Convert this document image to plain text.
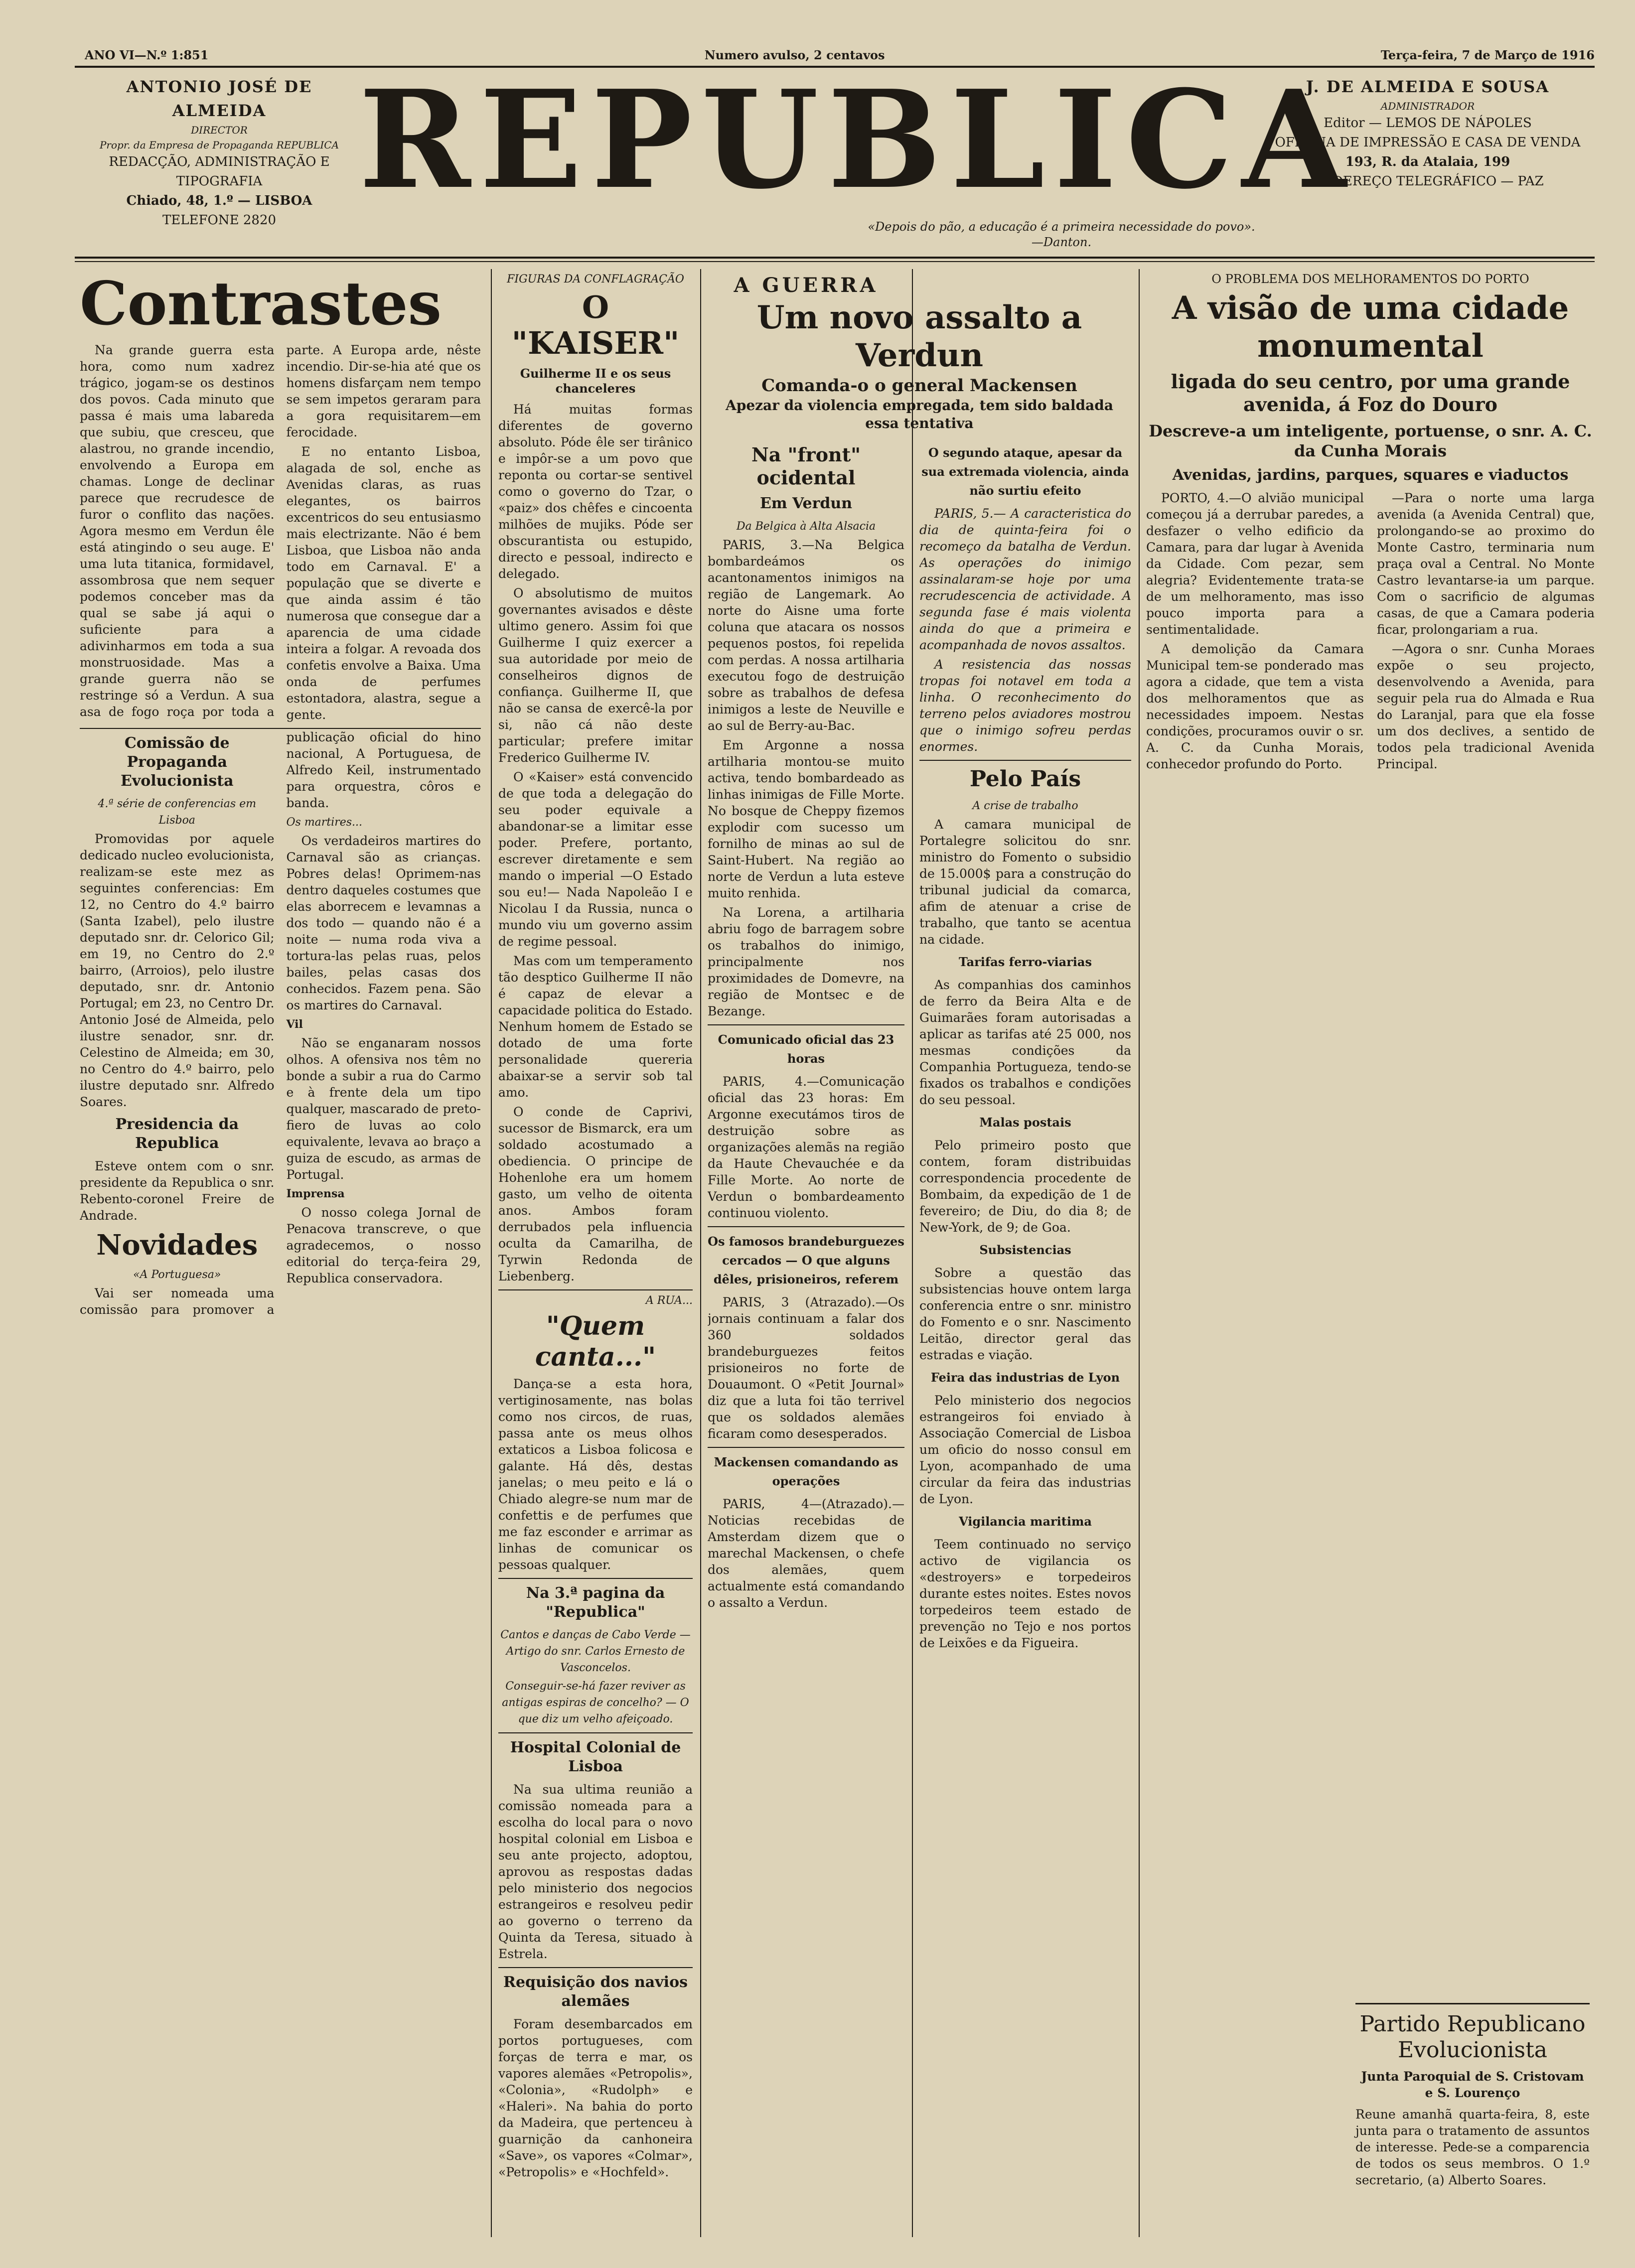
ANO VI—N.º 1:851	Numero avulso, 2 centavos	Terça-feira, 7 de Março de 1916
ANTONIO JOSÉ DE ALMEIDA
DIRECTOR
Propr. da Empresa de Propaganda REPUBLICA
REDACÇÃO, ADMINISTRAÇÃO E TIPOGRAFIA
Chiado, 48, 1.º — LISBOA
TELEFONE 2820
REPUBLICA
J. DE ALMEIDA E SOUSA
ADMINISTRADOR
Editor — LEMOS DE NÁPOLES
OFICINA DE IMPRESSÃO E CASA DE VENDA
193, R. da Atalaia, 199
ENDEREÇO TELEGRÁFICO — PAZ
«Depois do pão, a educação é a primeira necessidade do povo».—Danton.

Contrastes

Na grande guerra esta hora, como num xadrez trágico, jogam-se os destinos dos povos. Cada minuto que passa é mais uma labareda que subiu, que cresceu, que alastrou, no grande incendio, envolvendo a Europa em chamas. Longe de declinar parece que recrudesce de furor o conflito das nações. Agora mesmo em Verdun êle está atingindo o seu auge. E' uma luta titanica, formidavel, assombrosa que nem sequer podemos conceber mas da qual se sabe já aqui o suficiente para a adivinharmos em toda a sua monstruosidade. Mas a grande guerra não se restringe só a Verdun. A sua asa de fogo roça por toda a parte. A Europa arde, nêste incendio. Dir-se-hia até que os homens disfarçam nem tempo se sem impetos geraram para a gora requisitarem—em ferocidade.

E no entanto Lisboa, alagada de sol, enche as Avenidas claras, as ruas elegantes, os bairros excentricos do seu entusiasmo mais electrizante. Não é bem Lisboa, que Lisboa não anda todo em Carnaval. E' a população que se diverte e que ainda assim é tão numerosa que consegue dar a aparencia de uma cidade inteira a folgar. A revoada dos confetis envolve a Baixa. Uma onda de perfumes estontadora, alastra, segue a gente.

Comissão de Propaganda Evolucionista

4.ª série de conferencias em Lisboa

Promovidas por aquele dedicado nucleo evolucionista, realizam-se este mez as seguintes conferencias: Em 12, no Centro do 4.º bairro (Santa Izabel), pelo ilustre deputado snr. dr. Celorico Gil; em 19, no Centro do 2.º bairro, (Arroios), pelo ilustre deputado, snr. dr. Antonio Portugal; em 23, no Centro Dr. Antonio José de Almeida, pelo ilustre senador, snr. dr. Celestino de Almeida; em 30, no Centro do 4.º bairro, pelo ilustre deputado snr. Alfredo Soares.

Presidencia da Republica

Esteve ontem com o snr. presidente da Republica o snr. Rebento-coronel Freire de Andrade.

Novidades

«A Portuguesa»

Vai ser nomeada uma comissão para promover a publicação oficial do hino nacional, A Portuguesa, de Alfredo Keil, instrumentado para orquestra, côros e banda.

Os martires...

Os verdadeiros martires do Carnaval são as crianças. Pobres delas! Oprimem-nas dentro daqueles costumes que elas aborrecem e levamnas a dos todo — quando não é a noite — numa roda viva a tortura-las pelas ruas, pelos bailes, pelas casas dos conhecidos. Fazem pena. São os martires do Carnaval.

Vil

Não se enganaram nossos olhos. A ofensiva nos têm no bonde a subir a rua do Carmo e à frente dela um tipo qualquer, mascarado de preto-fiero de luvas ao colo equivalente, levava ao braço a guiza de escudo, as armas de Portugal.

Imprensa

O nosso colega Jornal de Penacova transcreve, o que agradecemos, o nosso editorial do terça-feira 29, Republica conservadora.

FIGURAS DA CONFLAGRAÇÃO

O "KAISER"

Guilherme II e os seus chanceleres

Há muitas formas diferentes de governo absoluto. Póde êle ser tirânico e impôr-se a um povo que reponta ou cortar-se sentivel como o governo do Tzar, o «paiz» dos chêfes e cincoenta milhões de mujiks. Póde ser obscurantista ou estupido, directo e pessoal, indirecto e delegado.

O absolutismo de muitos governantes avisados e dêste ultimo genero. Assim foi que Guilherme I quiz exercer a sua autoridade por meio de conselheiros dignos de confiança. Guilherme II, que não se cansa de exercê-la por si, não cá não deste particular; prefere imitar Frederico Guilherme IV.

O «Kaiser» está convencido de que toda a delegação do seu poder equivale a abandonar-se a limitar esse poder. Prefere, portanto, escrever diretamente e sem mando o imperial —O Estado sou eu!— Nada Napoleão I e Nicolau I da Russia, nunca o mundo viu um governo assim de regime pessoal.

Mas com um temperamento tão desptico Guilherme II não é capaz de elevar a capacidade politica do Estado. Nenhum homem de Estado se dotado de uma forte personalidade quereria abaixar-se a servir sob tal amo.

O conde de Caprivi, sucessor de Bismarck, era um soldado acostumado a obediencia. O principe de Hohenlohe era um homem gasto, um velho de oitenta anos. Ambos foram derrubados pela influencia oculta da Camarilha, de Tyrwin Redonda de Liebenberg.

A RUA...

"Quem canta..."

Dança-se a esta hora, vertiginosamente, nas bolas como nos circos, de ruas, passa ante os meus olhos extaticos a Lisboa folicosa e galante. Há dês, destas janelas; o meu peito e lá o Chiado alegre-se num mar de confettis e de perfumes que me faz esconder e arrimar as linhas de comunicar os pessoas qualquer.

Na 3.ª pagina da "Republica"

Cantos e danças de Cabo Verde —Artigo do snr. Carlos Ernesto de Vasconcelos.

Conseguir-se-há fazer reviver as antigas espiras de concelho? — O que diz um velho afeiçoado.

Hospital Colonial de Lisboa

Na sua ultima reunião a comissão nomeada para a escolha do local para o novo hospital colonial em Lisboa e seu ante projecto, adoptou, aprovou as respostas dadas pelo ministerio dos negocios estrangeiros e resolveu pedir ao governo o terreno da Quinta da Teresa, situado à Estrela.

Requisição dos navios alemães

Foram desembarcados em portos portugueses, com forças de terra e mar, os vapores alemães «Petropolis», «Colonia», «Rudolph» e «Haleri». Na bahia do porto da Madeira, que pertenceu à guarnição da canhoneira «Save», os vapores «Colmar», «Petropolis» e «Hochfeld».

A GUERRA

Um novo assalto a Verdun
Comanda-o o general Mackensen
Apezar da violencia empregada, tem sido baldada essa tentativa

Na "front" ocidental

Em Verdun

Da Belgica à Alta Alsacia

PARIS, 3.—Na Belgica bombardeámos os acantonamentos inimigos na região de Langemark. Ao norte do Aisne uma forte coluna que atacara os nossos pequenos postos, foi repelida com perdas. A nossa artilharia executou fogo de destruição sobre as trabalhos de defesa inimigos a leste de Neuville e ao sul de Berry-au-Bac.

Em Argonne a nossa artilharia montou-se muito activa, tendo bombardeado as linhas inimigas de Fille Morte. No bosque de Cheppy fizemos explodir com sucesso um fornilho de minas ao sul de Saint-Hubert. Na região ao norte de Verdun a luta esteve muito renhida.

Na Lorena, a artilharia abriu fogo de barragem sobre os trabalhos do inimigo, principalmente nos proximidades de Domevre, na região de Montsec e de Bezange.

Comunicado oficial das 23 horas

PARIS, 4.—Comunicação oficial das 23 horas: Em Argonne executámos tiros de destruição sobre as organizações alemãs na região da Haute Chevauchée e da Fille Morte. Ao norte de Verdun o bombardeamento continuou violento.

Os famosos brandeburguezes cercados — O que alguns dêles, prisioneiros, referem

PARIS, 3 (Atrazado).—Os jornais continuam a falar dos 360 soldados brandeburguezes feitos prisioneiros no forte de Douaumont. O «Petit Journal» diz que a luta foi tão terrivel que os soldados alemães ficaram como desesperados.

Mackensen comandando as operações

PARIS, 4—(Atrazado).— Noticias recebidas de Amsterdam dizem que o marechal Mackensen, o chefe dos alemães, quem actualmente está comandando o assalto a Verdun.

O segundo ataque, apesar da sua extremada violencia, ainda não surtiu efeito

PARIS, 5.— A caracteristica do dia de quinta-feira foi o recomeço da batalha de Verdun. As operações do inimigo assinalaram-se hoje por uma recrudescencia de actividade. A segunda fase é mais violenta ainda do que a primeira e acompanhada de novos assaltos.

A resistencia das nossas tropas foi notavel em toda a linha. O reconhecimento do terreno pelos aviadores mostrou que o inimigo sofreu perdas enormes.

Pelo País

A crise de trabalho

A camara municipal de Portalegre solicitou do snr. ministro do Fomento o subsidio de 15.000$ para a construção do tribunal judicial da comarca, afim de atenuar a crise de trabalho, que tanto se acentua na cidade.

Tarifas ferro-viarias

As companhias dos caminhos de ferro da Beira Alta e de Guimarães foram autorisadas a aplicar as tarifas até 25 000, nos mesmas condições da Companhia Portugueza, tendo-se fixados os trabalhos e condições do seu pessoal.

Malas postais

Pelo primeiro posto que contem, foram distribuidas correspondencia procedente de Bombaim, da expedição de 1 de fevereiro; de Diu, do dia 8; de New-York, de 9; de Goa.

Subsistencias

Sobre a questão das subsistencias houve ontem larga conferencia entre o snr. ministro do Fomento e o snr. Nascimento Leitão, director geral das estradas e viação.

Feira das industrias de Lyon

Pelo ministerio dos negocios estrangeiros foi enviado à Associação Comercial de Lisboa um oficio do nosso consul em Lyon, acompanhado de uma circular da feira das industrias de Lyon.

Vigilancia maritima

Teem continuado no serviço activo de vigilancia os «destroyers» e torpedeiros durante estes noites. Estes novos torpedeiros teem estado de prevenção no Tejo e nos portos de Leixões e da Figueira.

O PROBLEMA DOS MELHORAMENTOS DO PORTO

A visão de uma cidade monumental

ligada do seu centro, por uma grande avenida, á Foz do Douro

Descreve-a um inteligente, portuense, o snr. A. C. da Cunha Morais

Avenidas, jardins, parques, squares e viaductos

PORTO, 4.—O alvião municipal começou já a derrubar paredes, a desfazer o velho edificio da Camara, para dar lugar à Avenida da Cidade. Com pezar, sem alegria? Evidentemente trata-se de um melhoramento, mas isso pouco importa para a sentimentalidade.

A demolição da Camara Municipal tem-se ponderado mas agora a cidade, que tem a vista dos melhoramentos que as necessidades impoem. Nestas condições, procuramos ouvir o sr. A. C. da Cunha Morais, conhecedor profundo do Porto.

—Para o norte uma larga avenida (a Avenida Central) que, prolongando-se ao proximo do Monte Castro, terminaria num praça oval a Central. No Monte Castro levantarse-ia um parque. Com o sacrificio de algumas casas, de que a Camara poderia ficar, prolongariam a rua.

—Agora o snr. Cunha Moraes expõe o seu projecto, desenvolvendo a Avenida, para seguir pela rua do Almada e Rua do Laranjal, para que ela fosse um dos declives, a sentido de todos pela tradicional Avenida Principal.

Partido Republicano Evolucionista
Junta Paroquial de S. Cristovam e S. Lourenço
Reune amanhã quarta-feira, 8, este junta para o tratamento de assuntos de interesse. Pede-se a comparencia de todos os seus membros. O 1.º secretario, (a) Alberto Soares.
